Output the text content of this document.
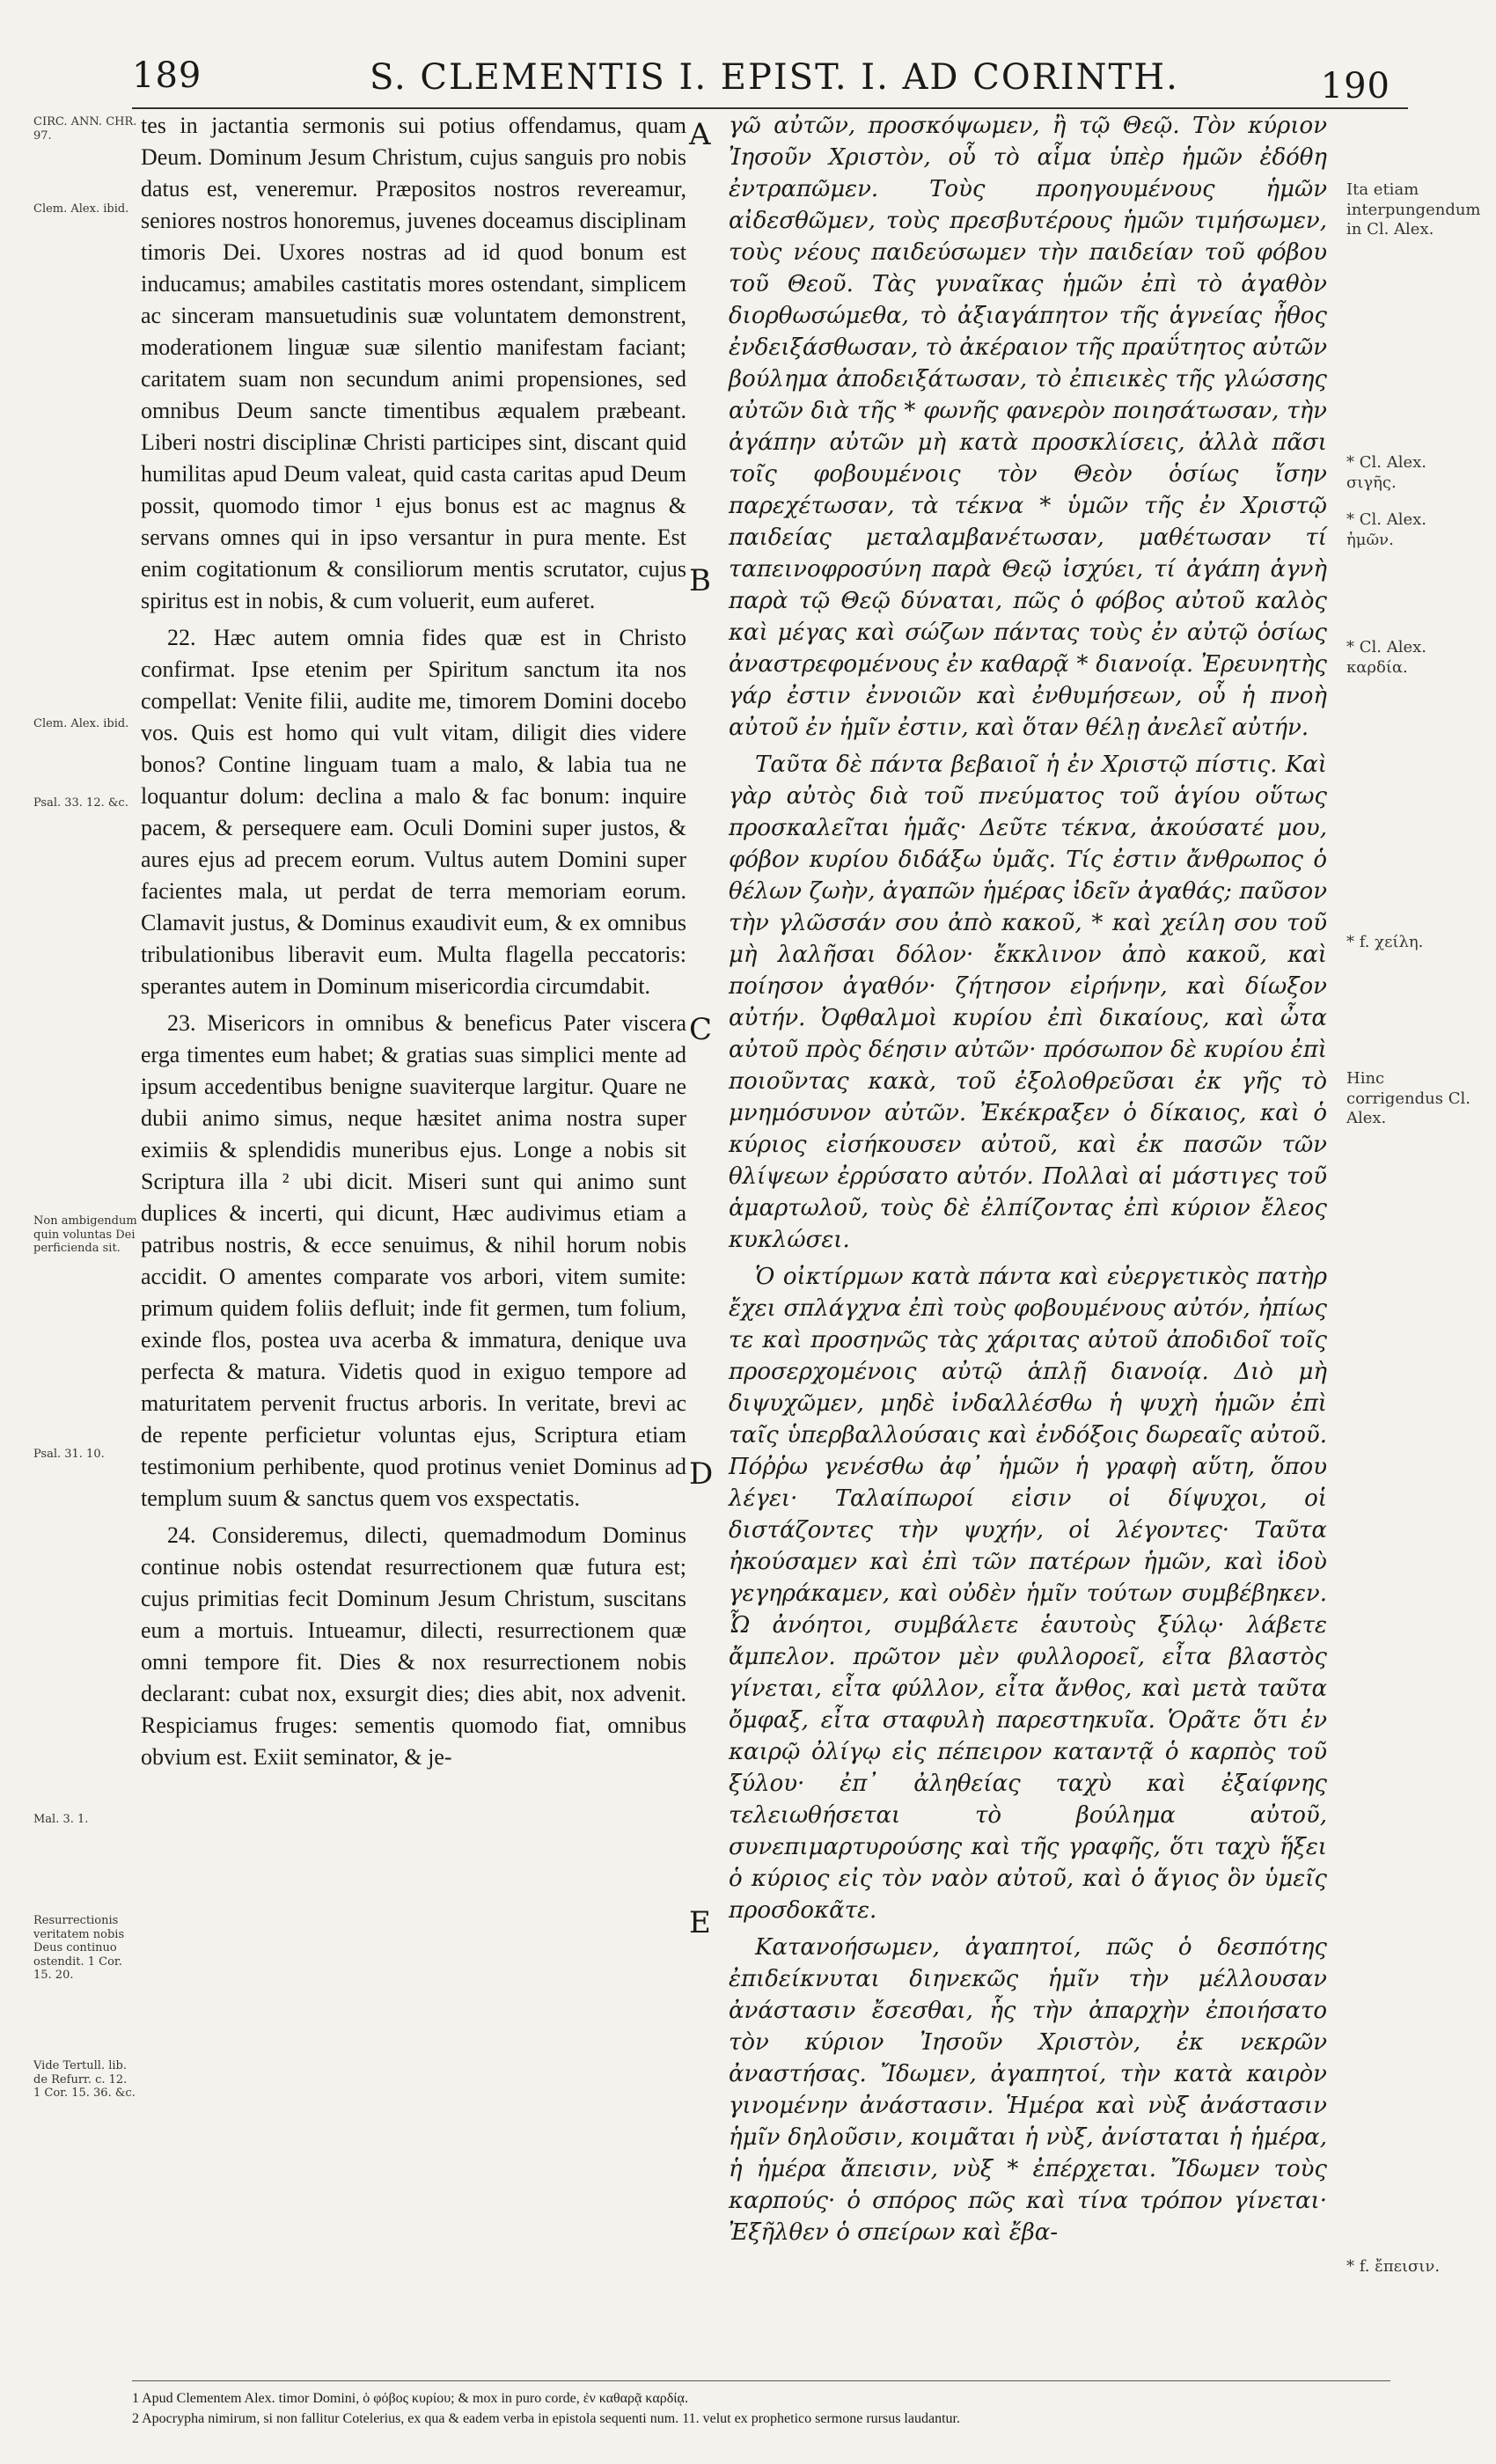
189	S. CLEMENTIS I. EPIST. I. AD CORINTH.	190
CIRC. ANN. CHR. 97.
Clem. Alex. ibid.
Clem. Alex. ibid.
Psal. 33. 12. &c.
Non ambigendum quin voluntas Dei perficienda sit.
Psal. 31. 10.
Mal. 3. 1.
Resurrectionis veritatem nobis Deus continuo ostendit. 1 Cor. 15. 20.
Vide Tertull. lib. de Refurr. c. 12. 1 Cor. 15. 36. &c.

tes in jactantia sermonis sui potius offendamus, quam Deum. Dominum Jesum Christum, cujus sanguis pro nobis datus est, veneremur. Præpositos nostros revereamur, seniores nostros honoremus, juvenes doceamus disciplinam timoris Dei. Uxores nostras ad id quod bonum est inducamus; amabiles castitatis mores ostendant, simplicem ac sinceram mansuetudinis suæ voluntatem demonstrent, moderationem linguæ suæ silentio manifestam faciant; caritatem suam non secundum animi propensiones, sed omnibus Deum sancte timentibus æqualem præbeant. Liberi nostri disciplinæ Christi participes sint, discant quid humilitas apud Deum valeat, quid casta caritas apud Deum possit, quomodo timor ¹ ejus bonus est ac magnus & servans omnes qui in ipso versantur in pura mente. Est enim cogitationum & consiliorum mentis scrutator, cujus spiritus est in nobis, & cum voluerit, eum auferet.

22. Hæc autem omnia fides quæ est in Christo confirmat. Ipse etenim per Spiritum sanctum ita nos compellat: Venite filii, audite me, timorem Domini docebo vos. Quis est homo qui vult vitam, diligit dies videre bonos? Contine linguam tuam a malo, & labia tua ne loquantur dolum: declina a malo & fac bonum: inquire pacem, & persequere eam. Oculi Domini super justos, & aures ejus ad precem eorum. Vultus autem Domini super facientes mala, ut perdat de terra memoriam eorum. Clamavit justus, & Dominus exaudivit eum, & ex omnibus tribulationibus liberavit eum. Multa flagella peccatoris: sperantes autem in Dominum misericordia circumdabit.

23. Misericors in omnibus & beneficus Pater viscera erga timentes eum habet; & gratias suas simplici mente ad ipsum accedentibus benigne suaviterque largitur. Quare ne dubii animo simus, neque hæsitet anima nostra super eximiis & splendidis muneribus ejus. Longe a nobis sit Scriptura illa ² ubi dicit. Miseri sunt qui animo sunt duplices & incerti, qui dicunt, Hæc audivimus etiam a patribus nostris, & ecce senuimus, & nihil horum nobis accidit. O amentes comparate vos arbori, vitem sumite: primum quidem foliis defluit; inde fit germen, tum folium, exinde flos, postea uva acerba & immatura, denique uva perfecta & matura. Videtis quod in exiguo tempore ad maturitatem pervenit fructus arboris. In veritate, brevi ac de repente perficietur voluntas ejus, Scriptura etiam testimonium perhibente, quod protinus veniet Dominus ad templum suum & sanctus quem vos exspectatis.

24. Consideremus, dilecti, quemadmodum Dominus continue nobis ostendat resurrectionem quæ futura est; cujus primitias fecit Dominum Jesum Christum, suscitans eum a mortuis. Intueamur, dilecti, resurrectionem quæ omni tempore fit. Dies & nox resurrectionem nobis declarant: cubat nox, exsurgit dies; dies abit, nox advenit. Respiciamus fruges: sementis quomodo fiat, omnibus obvium est. Exiit seminator, & je-

A
B
C
D
E

γῶ αὐτῶν, προσκόψωμεν, ἢ τῷ Θεῷ. Τὸν κύριον Ἰησοῦν Χριστὸν, οὗ τὸ αἷμα ὑπὲρ ἡμῶν ἐδόθη ἐντραπῶμεν. Τοὺς προηγουμένους ἡμῶν αἰδεσθῶμεν, τοὺς πρεσβυτέρους ἡμῶν τιμήσωμεν, τοὺς νέους παιδεύσωμεν τὴν παιδείαν τοῦ φόβου τοῦ Θεοῦ. Τὰς γυναῖκας ἡμῶν ἐπὶ τὸ ἀγαθὸν διορθωσώμεθα, τὸ ἀξιαγάπητον τῆς ἁγνείας ἦθος ἐνδειξάσθωσαν, τὸ ἀκέραιον τῆς πραΰτητος αὐτῶν βούλημα ἀποδειξάτωσαν, τὸ ἐπιεικὲς τῆς γλώσσης αὐτῶν διὰ τῆς * φωνῆς φανερὸν ποιησάτωσαν, τὴν ἀγάπην αὐτῶν μὴ κατὰ προσκλίσεις, ἀλλὰ πᾶσι τοῖς φοβουμένοις τὸν Θεὸν ὁσίως ἴσην παρεχέτωσαν, τὰ τέκνα * ὑμῶν τῆς ἐν Χριστῷ παιδείας μεταλαμβανέτωσαν, μαθέτωσαν τί ταπεινοφροσύνη παρὰ Θεῷ ἰσχύει, τί ἀγάπη ἁγνὴ παρὰ τῷ Θεῷ δύναται, πῶς ὁ φόβος αὐτοῦ καλὸς καὶ μέγας καὶ σώζων πάντας τοὺς ἐν αὐτῷ ὁσίως ἀναστρεφομένους ἐν καθαρᾷ * διανοίᾳ. Ἐρευνητὴς γάρ ἐστιν ἐννοιῶν καὶ ἐνθυμήσεων, οὗ ἡ πνοὴ αὐτοῦ ἐν ἡμῖν ἐστιν, καὶ ὅταν θέλῃ ἀνελεῖ αὐτήν.

Ταῦτα δὲ πάντα βεβαιοῖ ἡ ἐν Χριστῷ πίστις. Καὶ γὰρ αὐτὸς διὰ τοῦ πνεύματος τοῦ ἁγίου οὕτως προσκαλεῖται ἡμᾶς· Δεῦτε τέκνα, ἀκούσατέ μου, φόβον κυρίου διδάξω ὑμᾶς. Τίς ἐστιν ἄνθρωπος ὁ θέλων ζωὴν, ἀγαπῶν ἡμέρας ἰδεῖν ἀγαθάς; παῦσον τὴν γλῶσσάν σου ἀπὸ κακοῦ, * καὶ χείλη σου τοῦ μὴ λαλῆσαι δόλον· ἔκκλινον ἀπὸ κακοῦ, καὶ ποίησον ἀγαθόν· ζήτησον εἰρήνην, καὶ δίωξον αὐτήν. Ὀφθαλμοὶ κυρίου ἐπὶ δικαίους, καὶ ὦτα αὐτοῦ πρὸς δέησιν αὐτῶν· πρόσωπον δὲ κυρίου ἐπὶ ποιοῦντας κακὰ, τοῦ ἐξολοθρεῦσαι ἐκ γῆς τὸ μνημόσυνον αὐτῶν. Ἐκέκραξεν ὁ δίκαιος, καὶ ὁ κύριος εἰσήκουσεν αὐτοῦ, καὶ ἐκ πασῶν τῶν θλίψεων ἐρρύσατο αὐτόν. Πολλαὶ αἱ μάστιγες τοῦ ἁμαρτωλοῦ, τοὺς δὲ ἐλπίζοντας ἐπὶ κύριον ἔλεος κυκλώσει.

Ὁ οἰκτίρμων κατὰ πάντα καὶ εὐεργετικὸς πατὴρ ἔχει σπλάγχνα ἐπὶ τοὺς φοβουμένους αὐτόν, ἠπίως τε καὶ προσηνῶς τὰς χάριτας αὐτοῦ ἀποδιδοῖ τοῖς προσερχομένοις αὐτῷ ἁπλῇ διανοίᾳ. Διὸ μὴ διψυχῶμεν, μηδὲ ἰνδαλλέσθω ἡ ψυχὴ ἡμῶν ἐπὶ ταῖς ὑπερβαλλούσαις καὶ ἐνδόξοις δωρεαῖς αὐτοῦ. Πόῤῥω γενέσθω ἀφ᾽ ἡμῶν ἡ γραφὴ αὕτη, ὅπου λέγει· Ταλαίπωροί εἰσιν οἱ δίψυχοι, οἱ διστάζοντες τὴν ψυχήν, οἱ λέγοντες· Ταῦτα ἠκούσαμεν καὶ ἐπὶ τῶν πατέρων ἡμῶν, καὶ ἰδοὺ γεγηράκαμεν, καὶ οὐδὲν ἡμῖν τούτων συμβέβηκεν. Ὦ ἀνόητοι, συμβάλετε ἑαυτοὺς ξύλῳ· λάβετε ἄμπελον. πρῶτον μὲν φυλλοροεῖ, εἶτα βλαστὸς γίνεται, εἶτα φύλλον, εἶτα ἄνθος, καὶ μετὰ ταῦτα ὄμφαξ, εἶτα σταφυλὴ παρεστηκυῖα. Ὁρᾶτε ὅτι ἐν καιρῷ ὀλίγῳ εἰς πέπειρον καταντᾷ ὁ καρπὸς τοῦ ξύλου· ἐπ᾽ ἀληθείας ταχὺ καὶ ἐξαίφνης τελειωθήσεται τὸ βούλημα αὐτοῦ, συνεπιμαρτυρούσης καὶ τῆς γραφῆς, ὅτι ταχὺ ἥξει ὁ κύριος εἰς τὸν ναὸν αὐτοῦ, καὶ ὁ ἅγιος ὃν ὑμεῖς προσδοκᾶτε.

Κατανοήσωμεν, ἀγαπητοί, πῶς ὁ δεσπότης ἐπιδείκνυται διηνεκῶς ἡμῖν τὴν μέλλουσαν ἀνάστασιν ἔσεσθαι, ἧς τὴν ἀπαρχὴν ἐποιήσατο τὸν κύριον Ἰησοῦν Χριστὸν, ἐκ νεκρῶν ἀναστήσας. Ἴδωμεν, ἀγαπητοί, τὴν κατὰ καιρὸν γινομένην ἀνάστασιν. Ἡμέρα καὶ νὺξ ἀνάστασιν ἡμῖν δηλοῦσιν, κοιμᾶται ἡ νὺξ, ἀνίσταται ἡ ἡμέρα, ἡ ἡμέρα ἄπεισιν, νὺξ * ἐπέρχεται. Ἴδωμεν τοὺς καρπούς· ὁ σπόρος πῶς καὶ τίνα τρόπον γίνεται· Ἐξῆλθεν ὁ σπείρων καὶ ἔβα-

Ita etiam interpungendum in Cl. Alex.
* Cl. Alex. σιγῆς.
* Cl. Alex. ἡμῶν.
* Cl. Alex. καρδία.
* f. χείλη.
Hinc corrigendus Cl. Alex.
* f. ἔπεισιν.
1 Apud Clementem Alex. timor Domini, ὁ φόβος κυρίου; & mox in puro corde, ἐν καθαρᾷ καρδίᾳ.
2 Apocrypha nimirum, si non fallitur Cotelerius, ex qua & eadem verba in epistola sequenti num. 11. velut ex prophetico sermone rursus laudantur.
